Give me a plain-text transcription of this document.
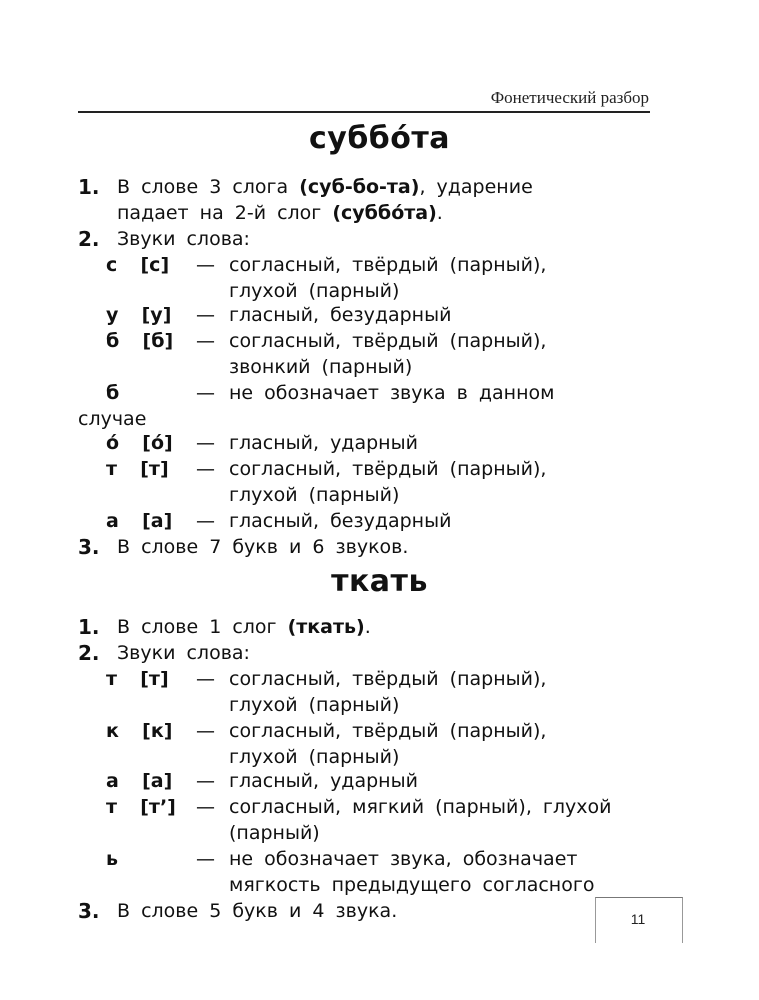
Фонетический разбор
суббо́та
1. В слове 3 слога (суб-бо-та), ударение
падает на 2-й слог (суббо́та).
2. Звуки слова:
с [с] — согласный, твёрдый (парный),
глухой (парный)
у [у] — гласный, безударный
б [б] — согласный, твёрдый (парный),
звонкий (парный)
б	— не обозначает звука в данном
случае
о́ [о́] — гласный, ударный
т [т] — согласный, твёрдый (парный),
глухой (парный)
а [а] — гласный, безударный
3. В слове 7 букв и 6 звуков.
ткать
1. В слове 1 слог (ткать).
2. Звуки слова:
т [т] — согласный, твёрдый (парный),
глухой (парный)
к [к] — согласный, твёрдый (парный),
глухой (парный)
а [а] — гласный, ударный
т [т’] — согласный, мягкий (парный), глухой
(парный)
ь	— не обозначает звука, обозначает
мягкость предыдущего согласного
3. В слове 5 букв и 4 звука.	11
